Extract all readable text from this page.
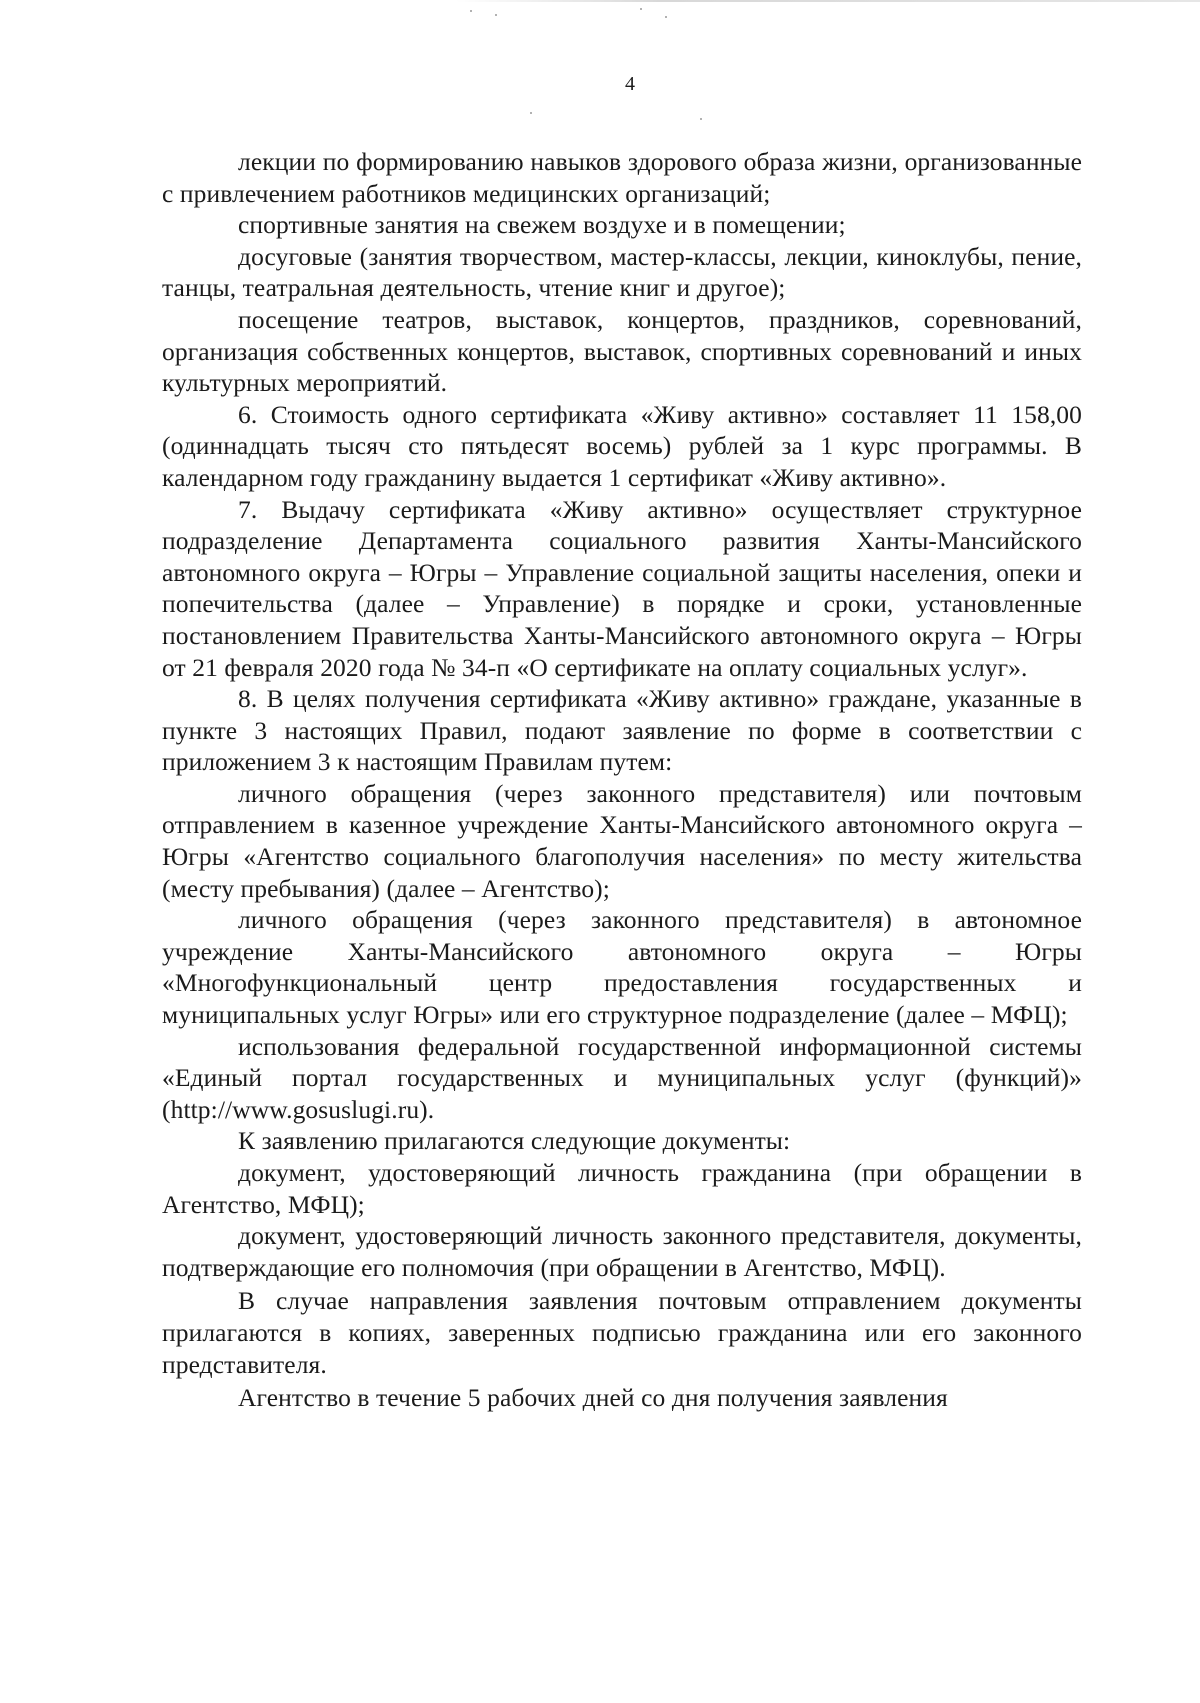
4

лекции по формированию навыков здорового образа жизни, организованные с привлечением работников медицинских организаций;

спортивные занятия на свежем воздухе и в помещении;

досуговые (занятия творчеством, мастер-классы, лекции, киноклубы, пение, танцы, театральная деятельность, чтение книг и другое);

посещение театров, выставок, концертов, праздников, соревнований, организация собственных концертов, выставок, спортивных соревнований и иных культурных мероприятий.

6. Стоимость одного сертификата «Живу активно» составляет 11 158,00 (одиннадцать тысяч сто пятьдесят восемь) рублей за 1 курс программы. В календарном году гражданину выдается 1 сертификат «Живу активно».

7. Выдачу сертификата «Живу активно» осуществляет структурное подразделение Департамента социального развития Ханты-Мансийского автономного округа – Югры – Управление социальной защиты населения, опеки и попечительства (далее – Управление) в порядке и сроки, установленные постановлением Правительства Ханты-Мансийского автономного округа – Югры от 21 февраля 2020 года № 34-п «О сертификате на оплату социальных услуг».

8. В целях получения сертификата «Живу активно» граждане, указанные в пункте 3 настоящих Правил, подают заявление по форме в соответствии с приложением 3 к настоящим Правилам путем:

личного обращения (через законного представителя) или почтовым отправлением в казенное учреждение Ханты-Мансийского автономного округа – Югры «Агентство социального благополучия населения» по месту жительства (месту пребывания) (далее – Агентство);

личного обращения (через законного представителя) в автономное учреждение Ханты-Мансийского автономного округа – Югры «Многофункциональный центр предоставления государственных и муниципальных услуг Югры» или его структурное подразделение (далее – МФЦ);

использования федеральной государственной информационной системы «Единый портал государственных и муниципальных услуг (функций)» (http://www.gosuslugi.ru).

К заявлению прилагаются следующие документы:

документ, удостоверяющий личность гражданина (при обращении в Агентство, МФЦ);

документ, удостоверяющий личность законного представителя, документы, подтверждающие его полномочия (при обращении в Агентство, МФЦ).

В случае направления заявления почтовым отправлением документы прилагаются в копиях, заверенных подписью гражданина или его законного представителя.

Агентство в течение 5 рабочих дней со дня получения заявления
